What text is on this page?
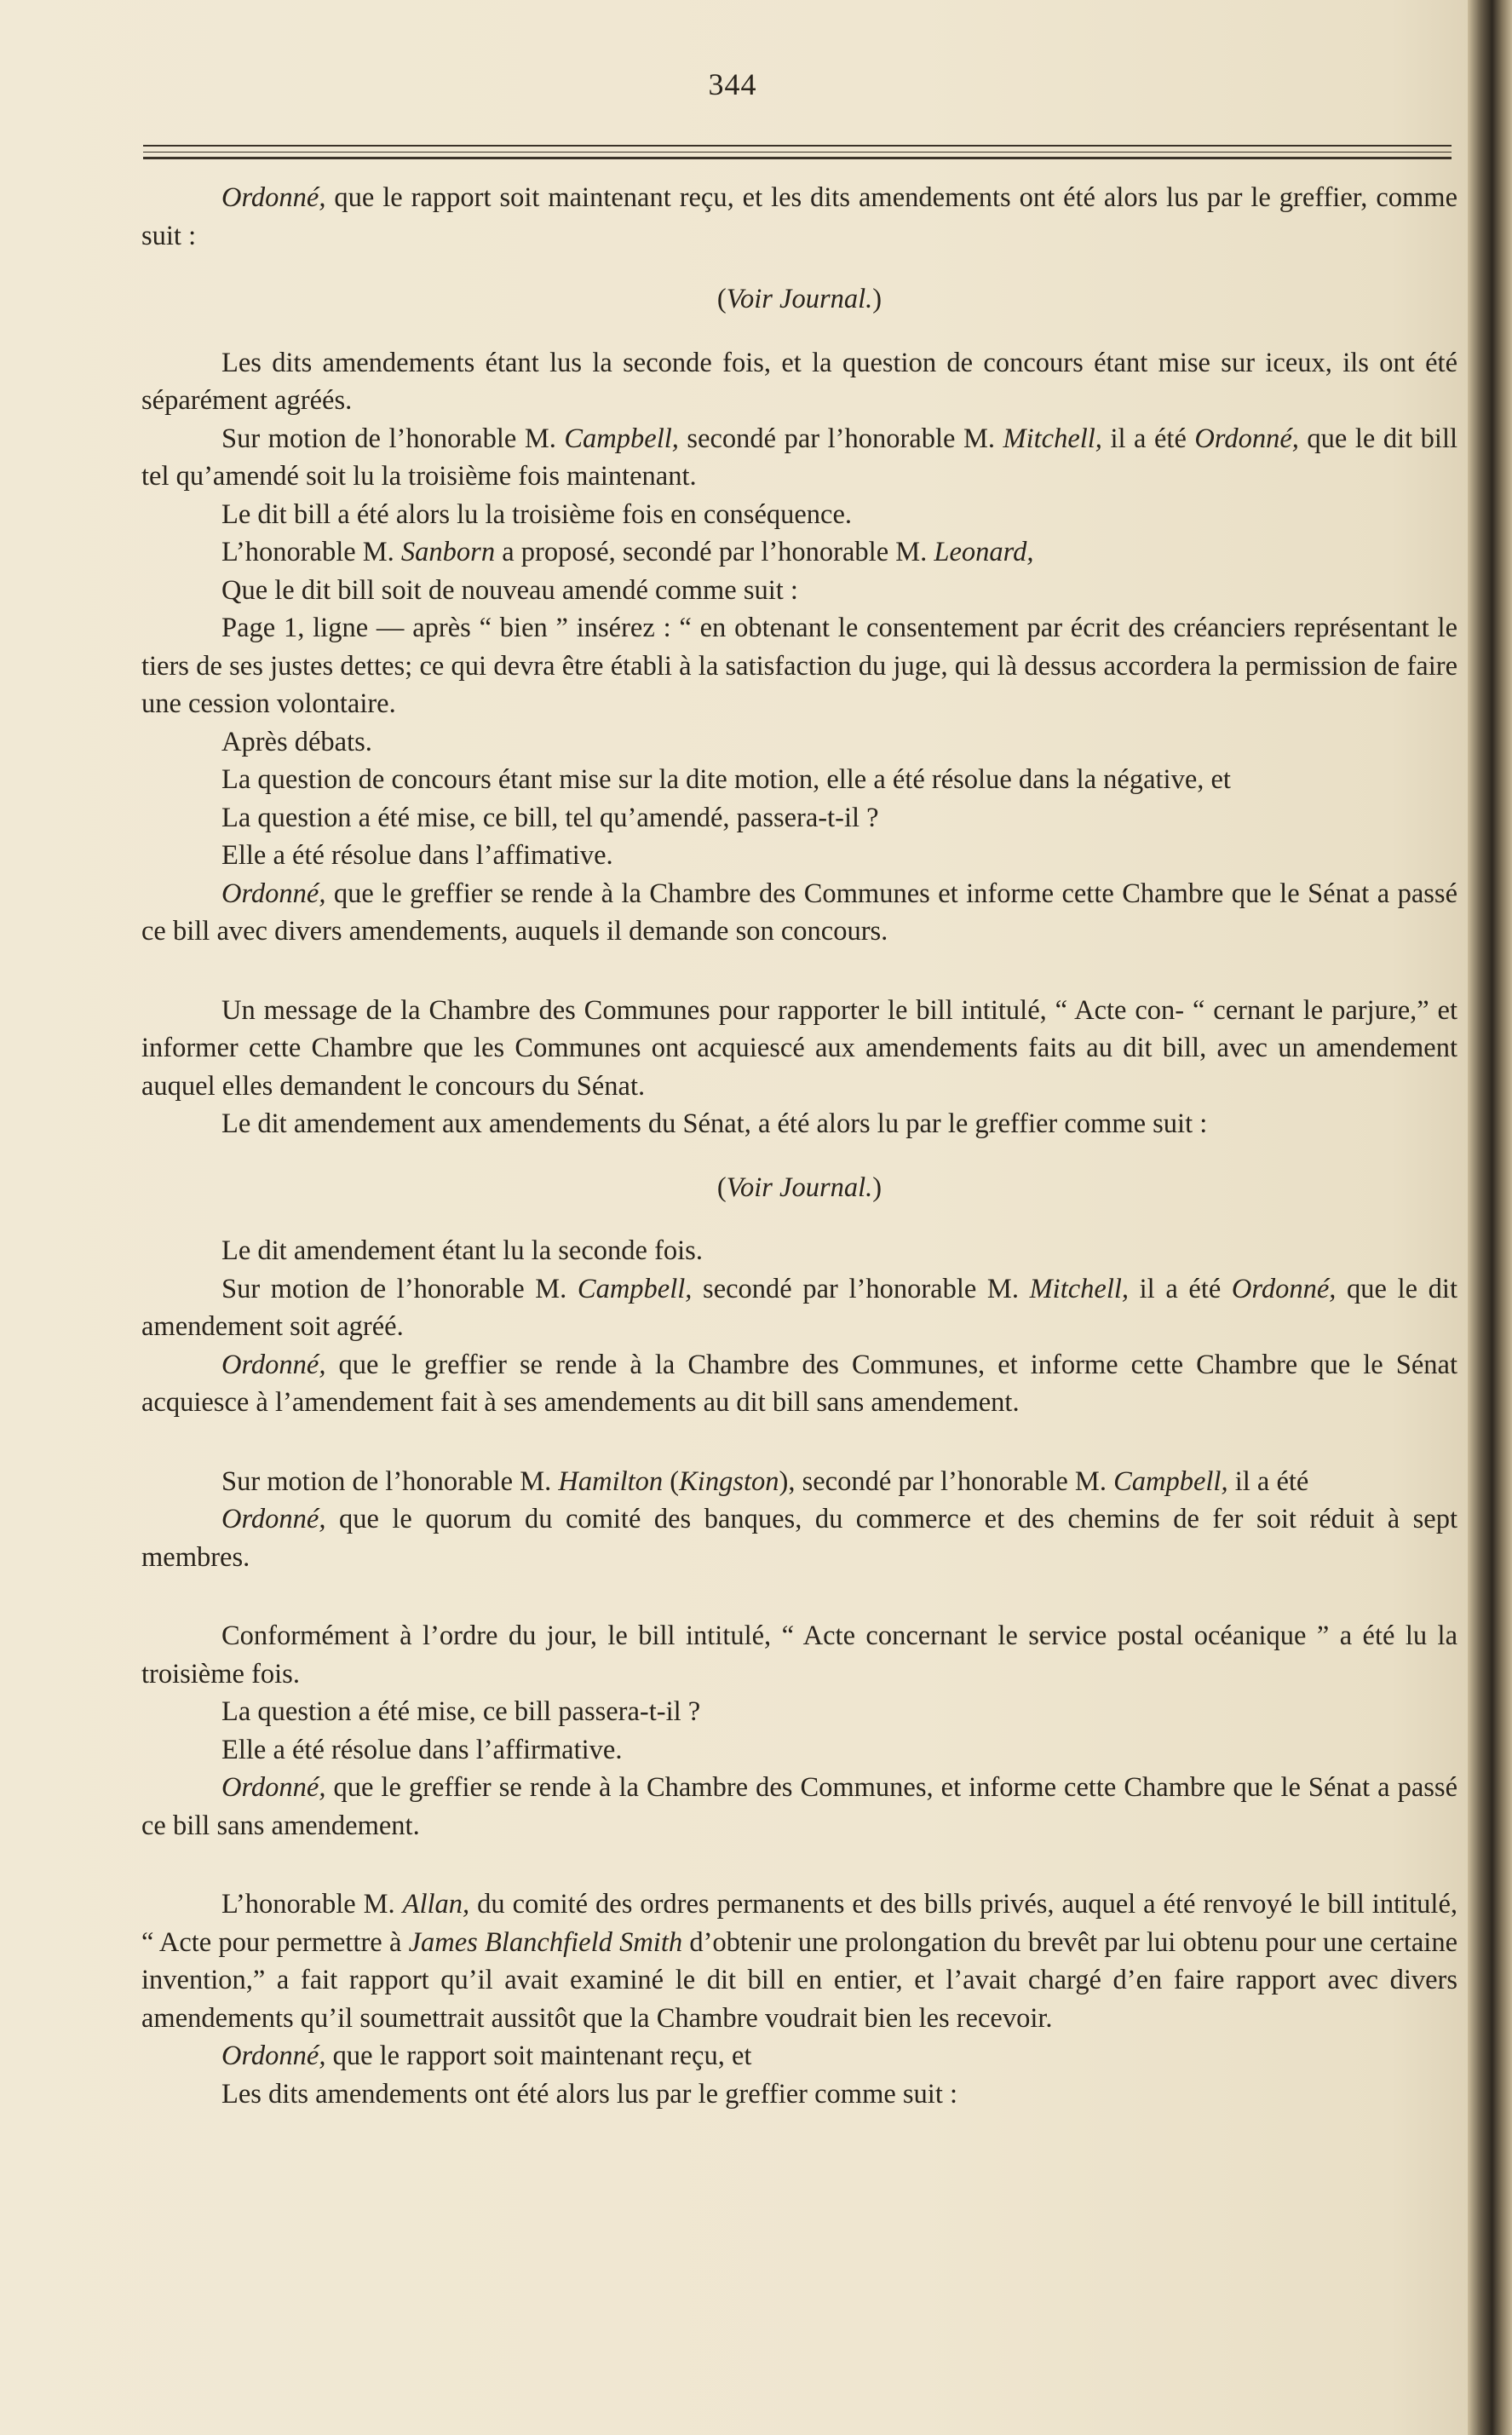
344

Ordonné, que le rapport soit maintenant reçu, et les dits amendements ont été alors lus par le greffier, comme suit :

(Voir Journal.)

Les dits amendements étant lus la seconde fois, et la question de concours étant mise sur iceux, ils ont été séparément agréés.

Sur motion de l’honorable M. Campbell, secondé par l’honorable M. Mitchell, il a été Ordonné, que le dit bill tel qu’amendé soit lu la troisième fois maintenant.

Le dit bill a été alors lu la troisième fois en conséquence.

L’honorable M. Sanborn a proposé, secondé par l’honorable M. Leonard,

Que le dit bill soit de nouveau amendé comme suit :

Page 1, ligne — après “ bien ” insérez : “ en obtenant le consentement par écrit des créanciers représentant le tiers de ses justes dettes; ce qui devra être établi à la satisfaction du juge, qui là dessus accordera la permission de faire une cession volontaire.

Après débats.

La question de concours étant mise sur la dite motion, elle a été résolue dans la négative, et

La question a été mise, ce bill, tel qu’amendé, passera-t-il ?

Elle a été résolue dans l’affimative.

Ordonné, que le greffier se rende à la Chambre des Communes et informe cette Chambre que le Sénat a passé ce bill avec divers amendements, auquels il demande son concours.

Un message de la Chambre des Communes pour rapporter le bill intitulé, “ Acte con- “ cernant le parjure,” et informer cette Chambre que les Communes ont acquiescé aux amendements faits au dit bill, avec un amendement auquel elles demandent le concours du Sénat.

Le dit amendement aux amendements du Sénat, a été alors lu par le greffier comme suit :

(Voir Journal.)

Le dit amendement étant lu la seconde fois.

Sur motion de l’honorable M. Campbell, secondé par l’honorable M. Mitchell, il a été Ordonné, que le dit amendement soit agréé.

Ordonné, que le greffier se rende à la Chambre des Communes, et informe cette Chambre que le Sénat acquiesce à l’amendement fait à ses amendements au dit bill sans amendement.

Sur motion de l’honorable M. Hamilton (Kingston), secondé par l’honorable M. Campbell, il a été

Ordonné, que le quorum du comité des banques, du commerce et des chemins de fer soit réduit à sept membres.

Conformément à l’ordre du jour, le bill intitulé, “ Acte concernant le service postal océanique ” a été lu la troisième fois.

La question a été mise, ce bill passera-t-il ?

Elle a été résolue dans l’affirmative.

Ordonné, que le greffier se rende à la Chambre des Communes, et informe cette Chambre que le Sénat a passé ce bill sans amendement.

L’honorable M. Allan, du comité des ordres permanents et des bills privés, auquel a été renvoyé le bill intitulé, “ Acte pour permettre à James Blanchfield Smith d’obtenir une prolongation du brevêt par lui obtenu pour une certaine invention,” a fait rapport qu’il avait examiné le dit bill en entier, et l’avait chargé d’en faire rapport avec divers amendements qu’il soumettrait aussitôt que la Chambre voudrait bien les recevoir.

Ordonné, que le rapport soit maintenant reçu, et

Les dits amendements ont été alors lus par le greffier comme suit :
